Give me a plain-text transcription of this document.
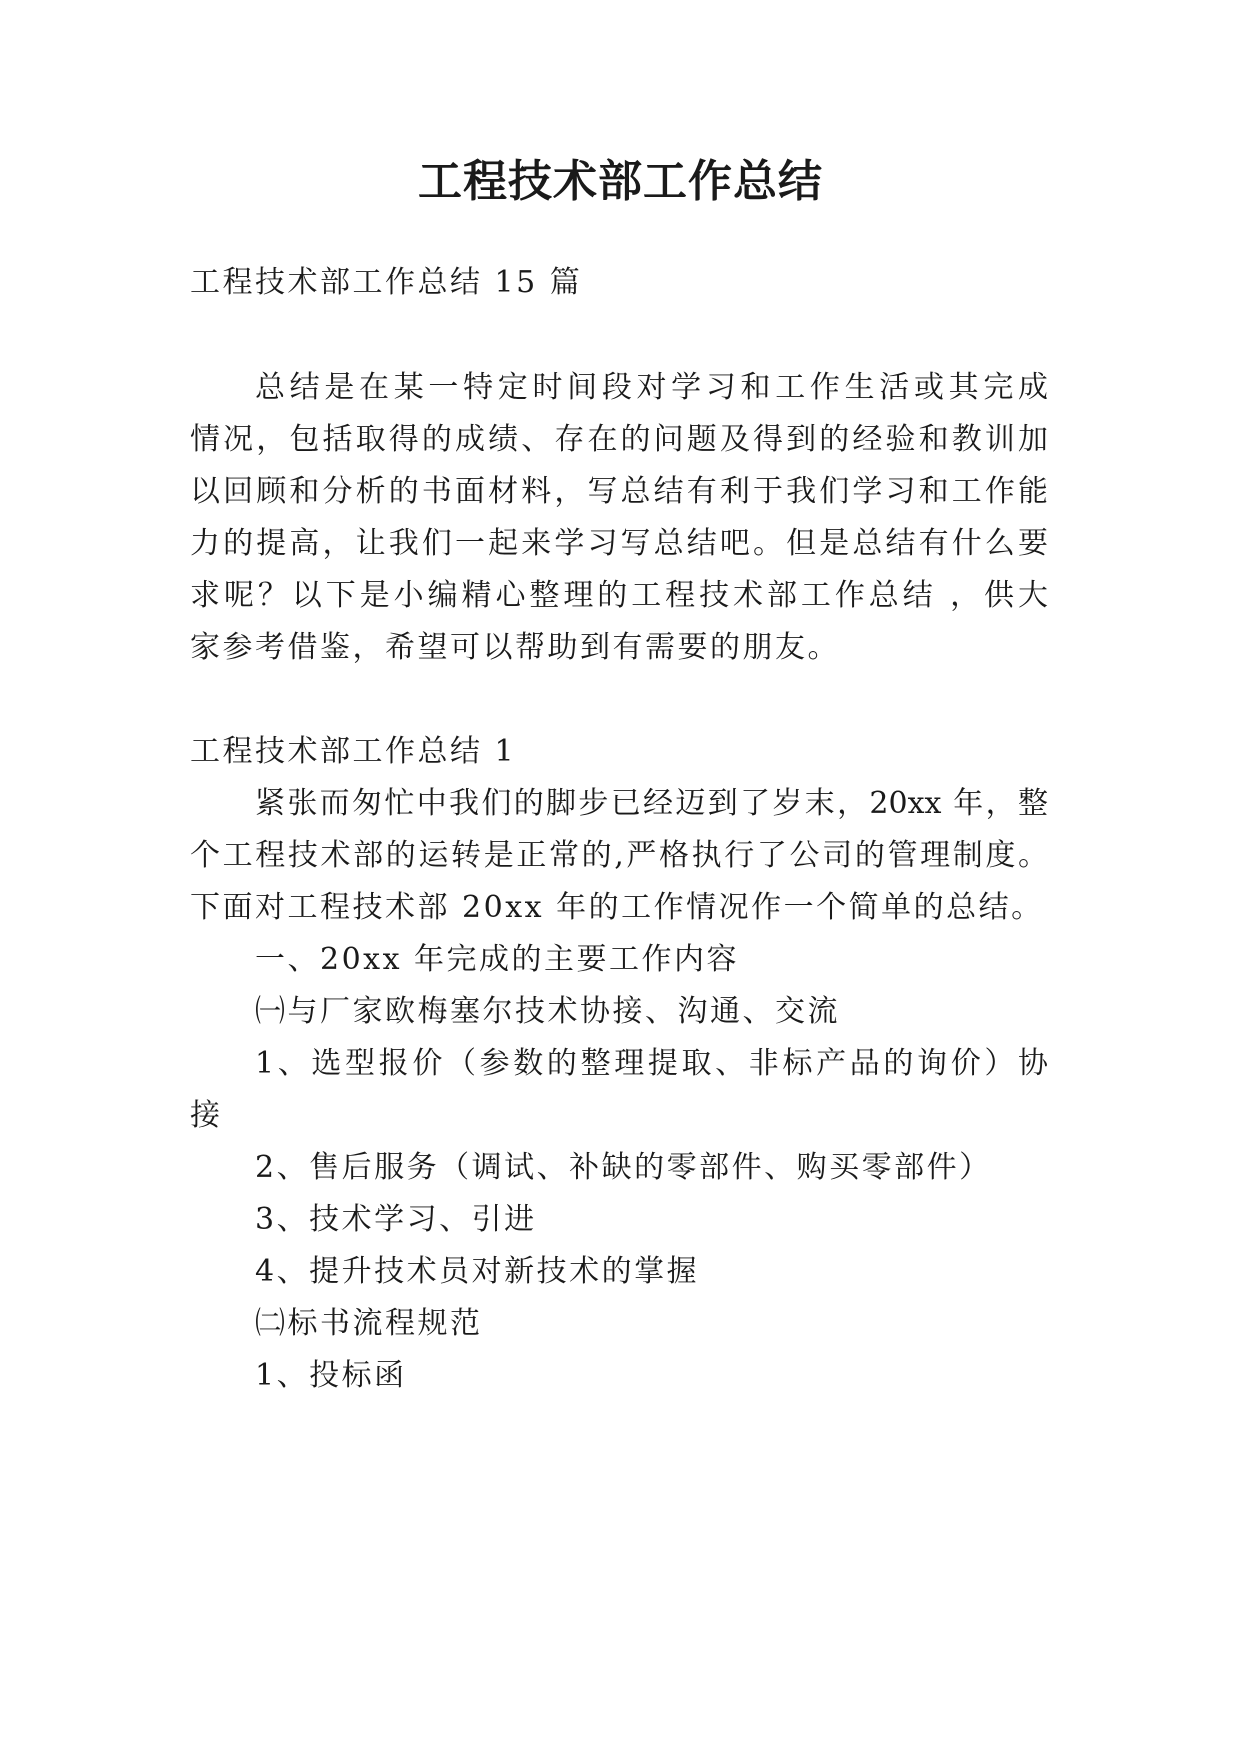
工程技术部工作总结
工程技术部工作总结 15 篇
总结是在某一特定时间段对学习和工作生活或其完成
情况，包括取得的成绩、存在的问题及得到的经验和教训加
以回顾和分析的书面材料，写总结有利于我们学习和工作能
力的提高，让我们一起来学习写总结吧。但是总结有什么要
求呢？以下是小编精心整理的工程技术部工作总结 ，供大
家参考借鉴，希望可以帮助到有需要的朋友。
工程技术部工作总结 1
紧张而匆忙中我们的脚步已经迈到了岁末，20xx 年，整
个工程技术部的运转是正常的,严格执行了公司的管理制度。
下面对工程技术部 20xx 年的工作情况作一个简单的总结。
一、20xx 年完成的主要工作内容
㈠与厂家欧梅塞尔技术协接、沟通、交流
1、选型报价（参数的整理提取、非标产品的询价）协
接
2、售后服务（调试、补缺的零部件、购买零部件）
3、技术学习、引进
4、提升技术员对新技术的掌握
㈡标书流程规范
1、投标函
